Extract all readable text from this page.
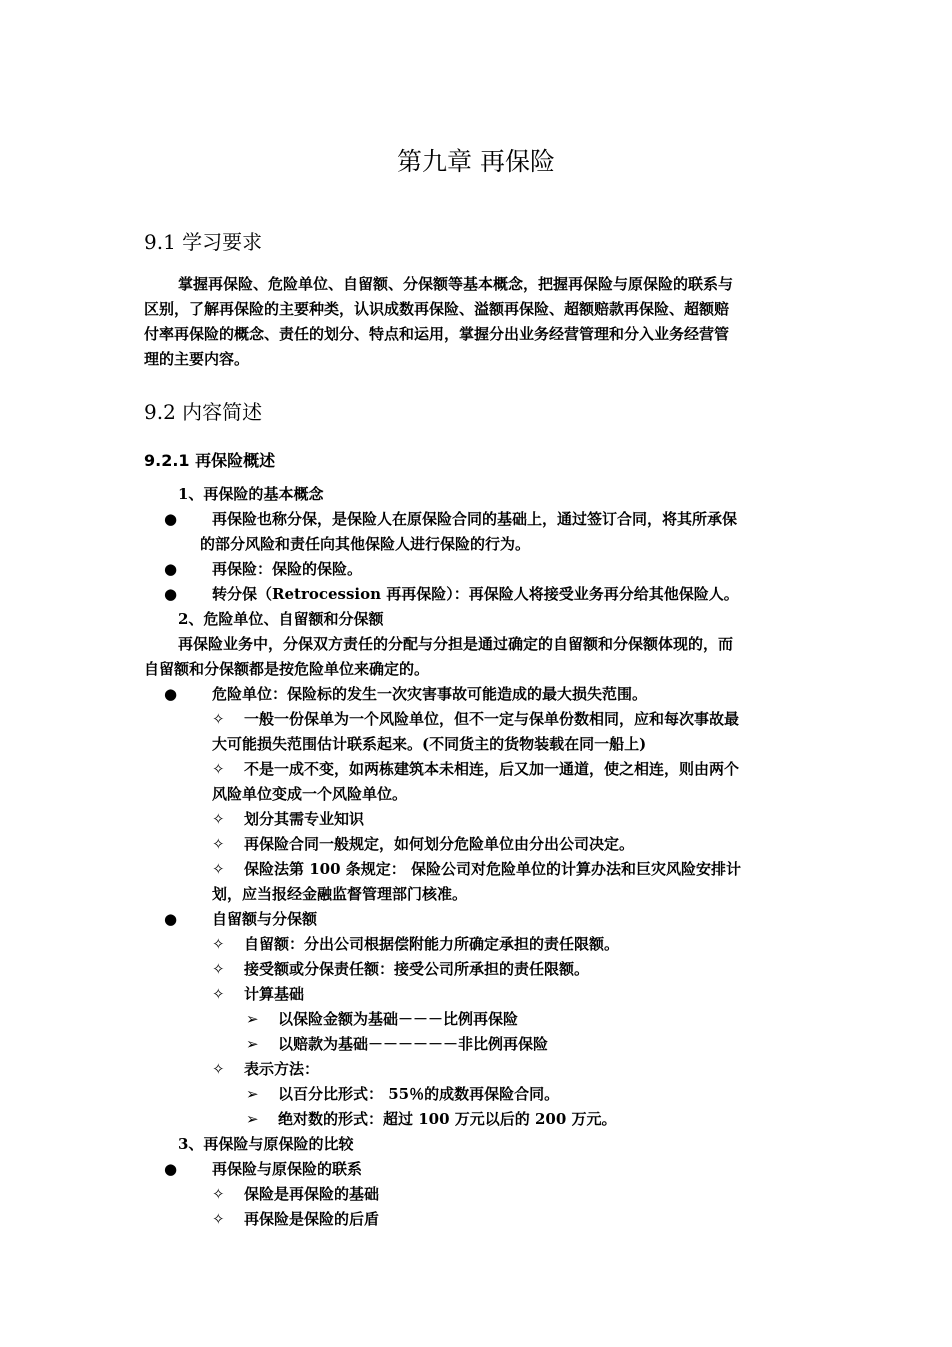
第九章 再保险
9.1 学习要求
掌握再保险、危险单位、自留额、分保额等基本概念，把握再保险与原保险的联系与
区别，了解再保险的主要种类，认识成数再保险、溢额再保险、超额赔款再保险、超额赔
付率再保险的概念、责任的划分、特点和运用，掌握分出业务经营管理和分入业务经营管
理的主要内容。
9.2 内容简述
9.2.1 再保险概述
1、再保险的基本概念
● 再保险也称分保，是保险人在原保险合同的基础上，通过签订合同，将其所承保
的部分风险和责任向其他保险人进行保险的行为。
● 再保险：保险的保险。
● 转分保（Retrocession 再再保险）：再保险人将接受业务再分给其他保险人。
2、危险单位、自留额和分保额
再保险业务中，分保双方责任的分配与分担是通过确定的自留额和分保额体现的，而
自留额和分保额都是按危险单位来确定的。
● 危险单位：保险标的发生一次灾害事故可能造成的最大损失范围。
✧ 一般一份保单为一个风险单位，但不一定与保单份数相同，应和每次事故最
大可能损失范围估计联系起来。(不同货主的货物装载在同一船上)
✧ 不是一成不变，如两栋建筑本未相连，后又加一通道，使之相连，则由两个
风险单位变成一个风险单位。
✧ 划分其需专业知识
✧ 再保险合同一般规定，如何划分危险单位由分出公司决定。
✧ 保险法第 100 条规定： 保险公司对危险单位的计算办法和巨灾风险安排计
划，应当报经金融监督管理部门核准。
● 自留额与分保额
✧ 自留额：分出公司根据偿附能力所确定承担的责任限额。
✧ 接受额或分保责任额：接受公司所承担的责任限额。
✧ 计算基础
➢ 以保险金额为基础－－－比例再保险
➢ 以赔款为基础－－－－－－非比例再保险
✧ 表示方法：
➢ 以百分比形式： 55％的成数再保险合同。
➢ 绝对数的形式：超过 100 万元以后的 200 万元。
3、再保险与原保险的比较
● 再保险与原保险的联系
✧ 保险是再保险的基础
✧ 再保险是保险的后盾
